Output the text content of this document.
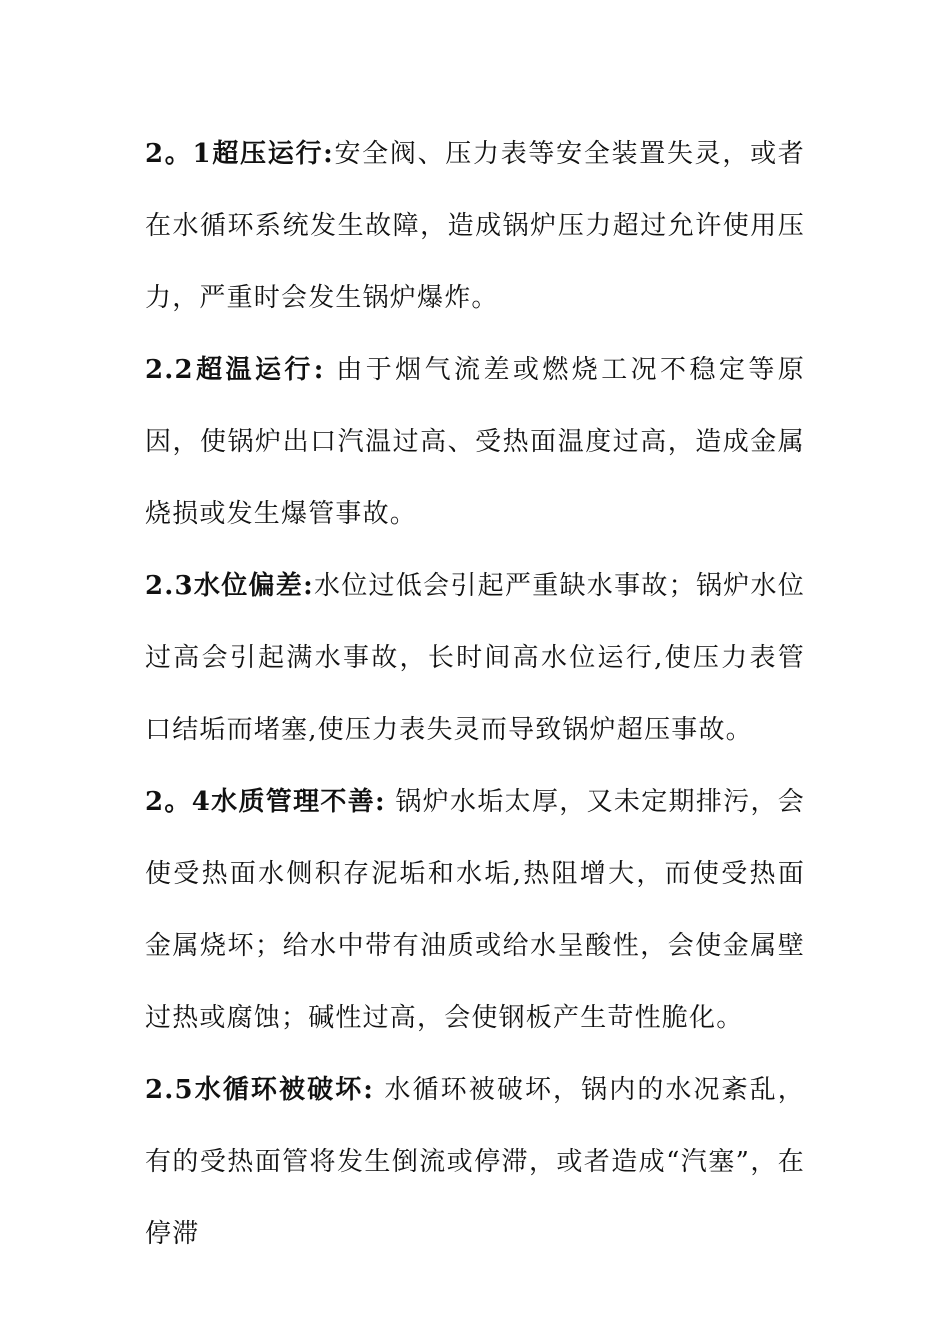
2。1超压运行:安全阀、压力表等安全装置失灵，或者在水循环系统发生故障，造成锅炉压力超过允许使用压力，严重时会发生锅炉爆炸。

2.2超温运行: 由于烟气流差或燃烧工况不稳定等原因，使锅炉出口汽温过高、受热面温度过高，造成金属烧损或发生爆管事故。

2.3水位偏差:水位过低会引起严重缺水事故；锅炉水位过高会引起满水事故，长时间高水位运行,使压力表管口结垢而堵塞,使压力表失灵而导致锅炉超压事故。

2。4水质管理不善: 锅炉水垢太厚，又未定期排污，会使受热面水侧积存泥垢和水垢,热阻增大，而使受热面金属烧坏；给水中带有油质或给水呈酸性，会使金属壁过热或腐蚀；碱性过高，会使钢板产生苛性脆化。

2.5水循环被破坏: 水循环被破坏，锅内的水况紊乱，有的受热面管将发生倒流或停滞，或者造成“汽塞”，在停滞
